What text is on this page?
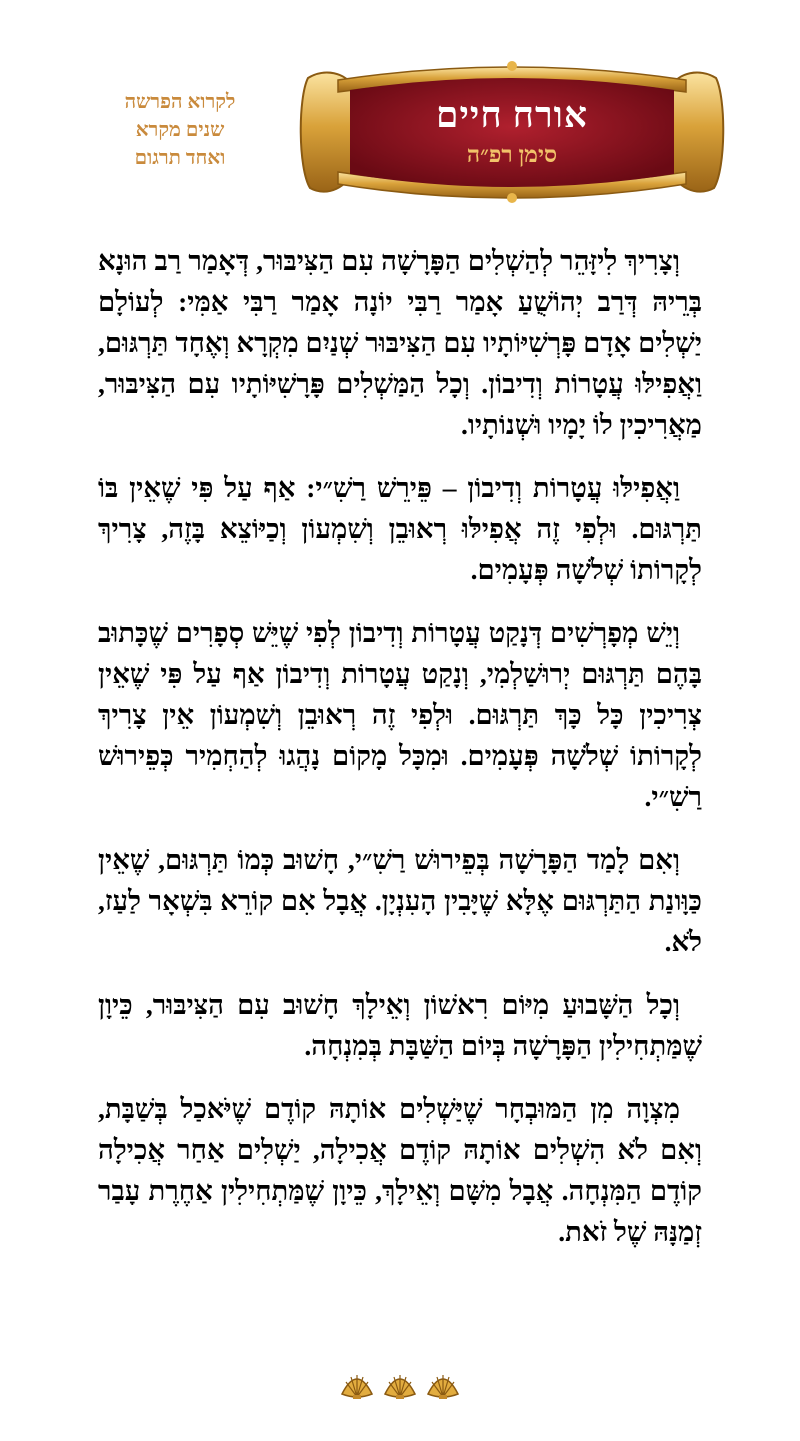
אורח חיים
סימן רפ״ה
לקרוא הפרשה
שנים מקרא
ואחד תרגום

וְצָרִיךְ לִיזָּהֵר לְהַשְׁלִים הַפָּרָשָׁה עִם הַצִּיבּוּר, דְּאָמַר רַב הוּנָא בְּרֵיהּ דְּרַב יְהוֹשֻׁעַ אָמַר רַבִּי יוֹנָה אָמַר רַבִּי אַמִּי: לְעוֹלָם יַשְׁלִים אָדָם פָּרְשִׁיּוֹתָיו עִם הַצִּיבּוּר שְׁנַיִם מִקְרָא וְאֶחָד תַּרְגּוּם, וַאֲפִילּוּ עֲטָרוֹת וְדִיבוֹן. וְכָל הַמַּשְׁלִים פָּרָשִׁיּוֹתָיו עִם הַצִּיבּוּר, מַאֲרִיכִין לוֹ יָמָיו וּשְׁנוֹתָיו.

וַאֲפִילּוּ עֲטָרוֹת וְדִיבוֹן – פֵּירֵשׁ רַשִׁ״י: אַף עַל פִּי שֶׁאֵין בּוֹ תַּרְגּוּם. וּלְפִי זֶה אֲפִילּוּ רְאוּבֵן וְשִׁמְעוֹן וְכַיּוֹצֵא בָּזֶה, צָרִיךְ לְקָרוֹתוֹ שְׁלֹשָׁה פְּעָמִים.

וְיֵשׁ מְפָרְשִׁים דְּנָקַט עֲטָרוֹת וְדִיבוֹן לְפִי שֶׁיֵּשׁ סְפָרִים שֶׁכָּתוּב בָּהֶם תַּרְגּוּם יְרוּשַׁלְמִי, וְנָקַט עֲטָרוֹת וְדִיבוֹן אַף עַל פִּי שֶׁאֵין צְרִיכִין כָּל כָּךְ תַּרְגּוּם. וּלְפִי זֶה רְאוּבֵן וְשִׁמְעוֹן אֵין צָרִיךְ לְקָרוֹתוֹ שְׁלֹשָׁה פְּעָמִים. וּמִכָּל מָקוֹם נָהֲגוּ לְהַחְמִיר כְּפֵירוּשׁ רַשִׁ״י.

וְאִם לָמַד הַפָּרָשָׁה בְּפֵירוּשׁ רַשִׁ״י, חָשׁוּב כְּמוֹ תַּרְגּוּם, שֶׁאֵין כַּוָּונַת הַתַּרְגּוּם אֶלָּא שֶׁיָּבִין הָעִנְיָן. אֲבָל אִם קוֹרֵא בִּשְׁאָר לַעַז, לֹא.

וְכָל הַשָּׁבוּעַ מִיּוֹם רִאשׁוֹן וְאֵילָךְ חָשׁוּב עִם הַצִּיבּוּר, כֵּיוָן שֶׁמַּתְחִילִין הַפָּרָשָׁה בְּיוֹם הַשַּׁבָּת בְּמִנְחָה.

מִצְוָה מִן הַמּוּבְחָר שֶׁיַּשְׁלִים אוֹתָהּ קוֹדֶם שֶׁיֹּאכַל בְּשַׁבָּת, וְאִם לֹא הִשְׁלִים אוֹתָהּ קוֹדֶם אֲכִילָה, יַשְׁלִים אַחַר אֲכִילָה קוֹדֶם הַמִּנְחָה. אֲבָל מִשָּׁם וְאֵילָךְ, כֵּיוָן שֶׁמַּתְחִילִין אַחֶרֶת עָבַר זְמַנָּהּ שֶׁל זֹאת.
